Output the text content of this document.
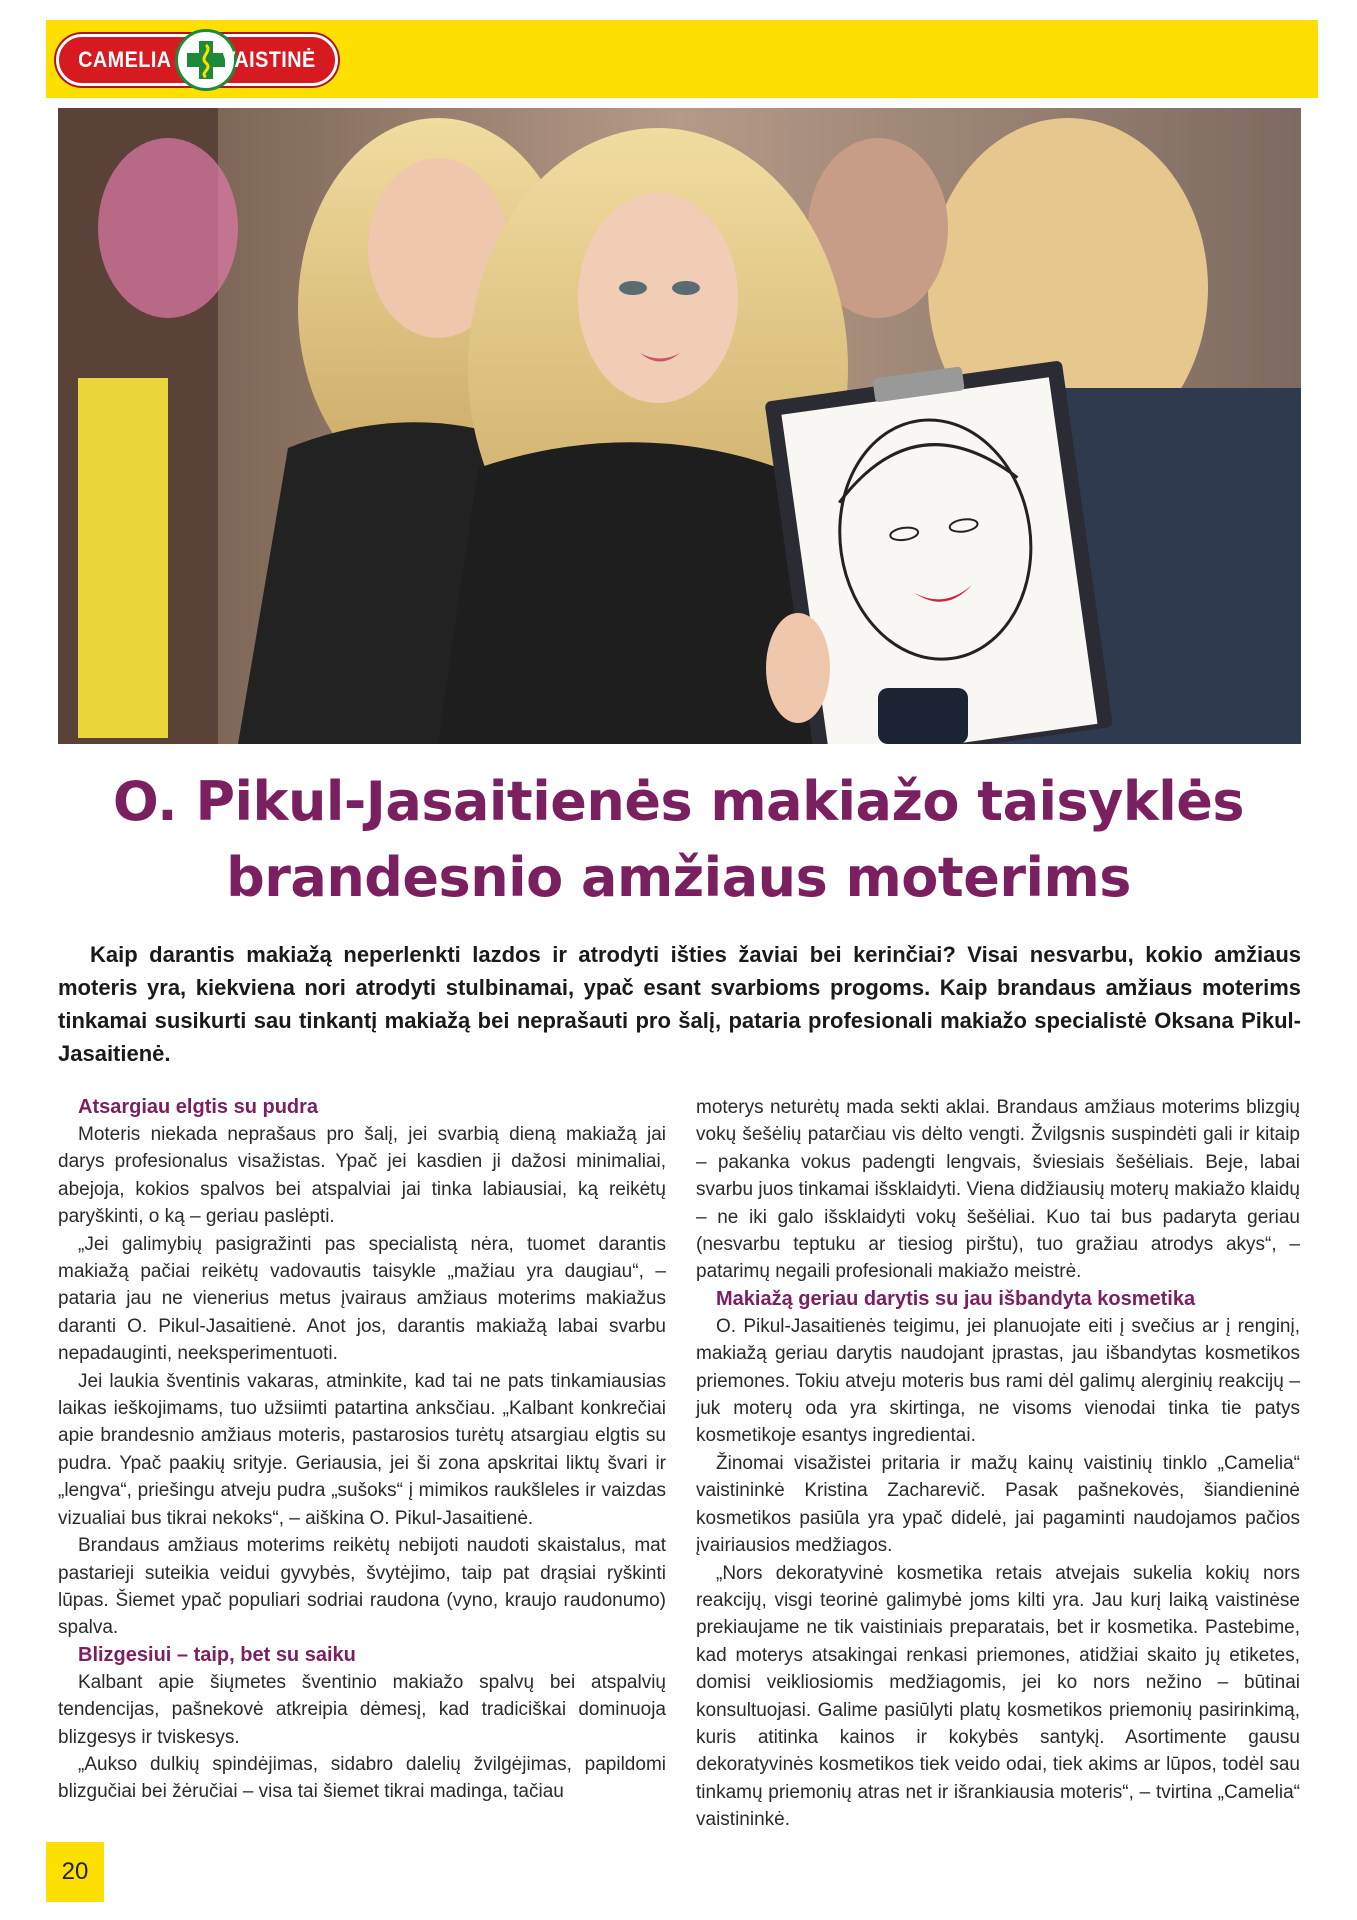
CAMELIA VAISTINĖ
O. Pikul-Jasaitienės makiažo taisyklės
brandesnio amžiaus moterims

Kaip darantis makiažą neperlenkti lazdos ir atrodyti išties žaviai bei kerinčiai? Visai nesvarbu, kokio amžiaus moteris yra, kiekviena nori atrodyti stulbinamai, ypač esant svarbioms progoms. Kaip brandaus amžiaus moterims tinkamai susikurti sau tinkantį makiažą bei neprašauti pro šalį, pataria profesionali makiažo specialistė Oksana Pikul-Jasaitienė.

Atsargiau elgtis su pudra

Moteris niekada neprašaus pro šalį, jei svarbią dieną makiažą jai darys profesionalus visažistas. Ypač jei kasdien ji dažosi minimaliai, abejoja, kokios spalvos bei atspalviai jai tinka labiausiai, ką reikėtų paryškinti, o ką – geriau paslėpti.

„Jei galimybių pasigražinti pas specialistą nėra, tuomet darantis makiažą pačiai reikėtų vadovautis taisykle „mažiau yra daugiau“, – pataria jau ne vienerius metus įvairaus amžiaus moterims makiažus daranti O. Pikul-Jasaitienė. Anot jos, darantis makiažą labai svarbu nepadauginti, neeksperimentuoti.

Jei laukia šventinis vakaras, atminkite, kad tai ne pats tinkamiausias laikas ieškojimams, tuo užsiimti patartina anksčiau. „Kalbant konkrečiai apie brandesnio amžiaus moteris, pastarosios turėtų atsargiau elgtis su pudra. Ypač paakių srityje. Geriausia, jei ši zona apskritai liktų švari ir „lengva“, priešingu atveju pudra „sušoks“ į mimikos raukšleles ir vaizdas vizualiai bus tikrai nekoks“, – aiškina O. Pikul-Jasaitienė.

Brandaus amžiaus moterims reikėtų nebijoti naudoti skaistalus, mat pastarieji suteikia veidui gyvybės, švytėjimo, taip pat drąsiai ryškinti lūpas. Šiemet ypač populiari sodriai raudona (vyno, kraujo raudonumo) spalva.

Blizgesiui – taip, bet su saiku

Kalbant apie šiųmetes šventinio makiažo spalvų bei atspalvių tendencijas, pašnekovė atkreipia dėmesį, kad tradiciškai dominuoja blizgesys ir tviskesys.

„Aukso dulkių spindėjimas, sidabro dalelių žvilgėjimas, papildomi blizgučiai bei žėručiai – visa tai šiemet tikrai madinga, tačiau

moterys neturėtų mada sekti aklai. Brandaus amžiaus moterims blizgių vokų šešėlių patarčiau vis dėlto vengti. Žvilgsnis suspindėti gali ir kitaip – pakanka vokus padengti lengvais, šviesiais šešėliais. Beje, labai svarbu juos tinkamai išsklaidyti. Viena didžiausių moterų makiažo klaidų – ne iki galo išsklaidyti vokų šešėliai. Kuo tai bus padaryta geriau (nesvarbu teptuku ar tiesiog pirštu), tuo gražiau atrodys akys“, – patarimų negaili profesionali makiažo meistrė.

Makiažą geriau darytis su jau išbandyta kosmetika

O. Pikul-Jasaitienės teigimu, jei planuojate eiti į svečius ar į renginį, makiažą geriau darytis naudojant įprastas, jau išbandytas kosmetikos priemones. Tokiu atveju moteris bus rami dėl galimų alerginių reakcijų – juk moterų oda yra skirtinga, ne visoms vienodai tinka tie patys kosmetikoje esantys ingredientai.

Žinomai visažistei pritaria ir mažų kainų vaistinių tinklo „Camelia“ vaistininkė Kristina Zacharevič. Pasak pašnekovės, šiandieninė kosmetikos pasiūla yra ypač didelė, jai pagaminti naudojamos pačios įvairiausios medžiagos.

„Nors dekoratyvinė kosmetika retais atvejais sukelia kokių nors reakcijų, visgi teorinė galimybė joms kilti yra. Jau kurį laiką vaistinėse prekiaujame ne tik vaistiniais preparatais, bet ir kosmetika. Pastebime, kad moterys atsakingai renkasi priemones, atidžiai skaito jų etiketes, domisi veikliosiomis medžiagomis, jei ko nors nežino – būtinai konsultuojasi. Galime pasiūlyti platų kosmetikos priemonių pasirinkimą, kuris atitinka kainos ir kokybės santykį. Asortimente gausu dekoratyvinės kosmetikos tiek veido odai, tiek akims ar lūpos, todėl sau tinkamų priemonių atras net ir išrankiausia moteris“, – tvirtina „Camelia“ vaistininkė.

20
